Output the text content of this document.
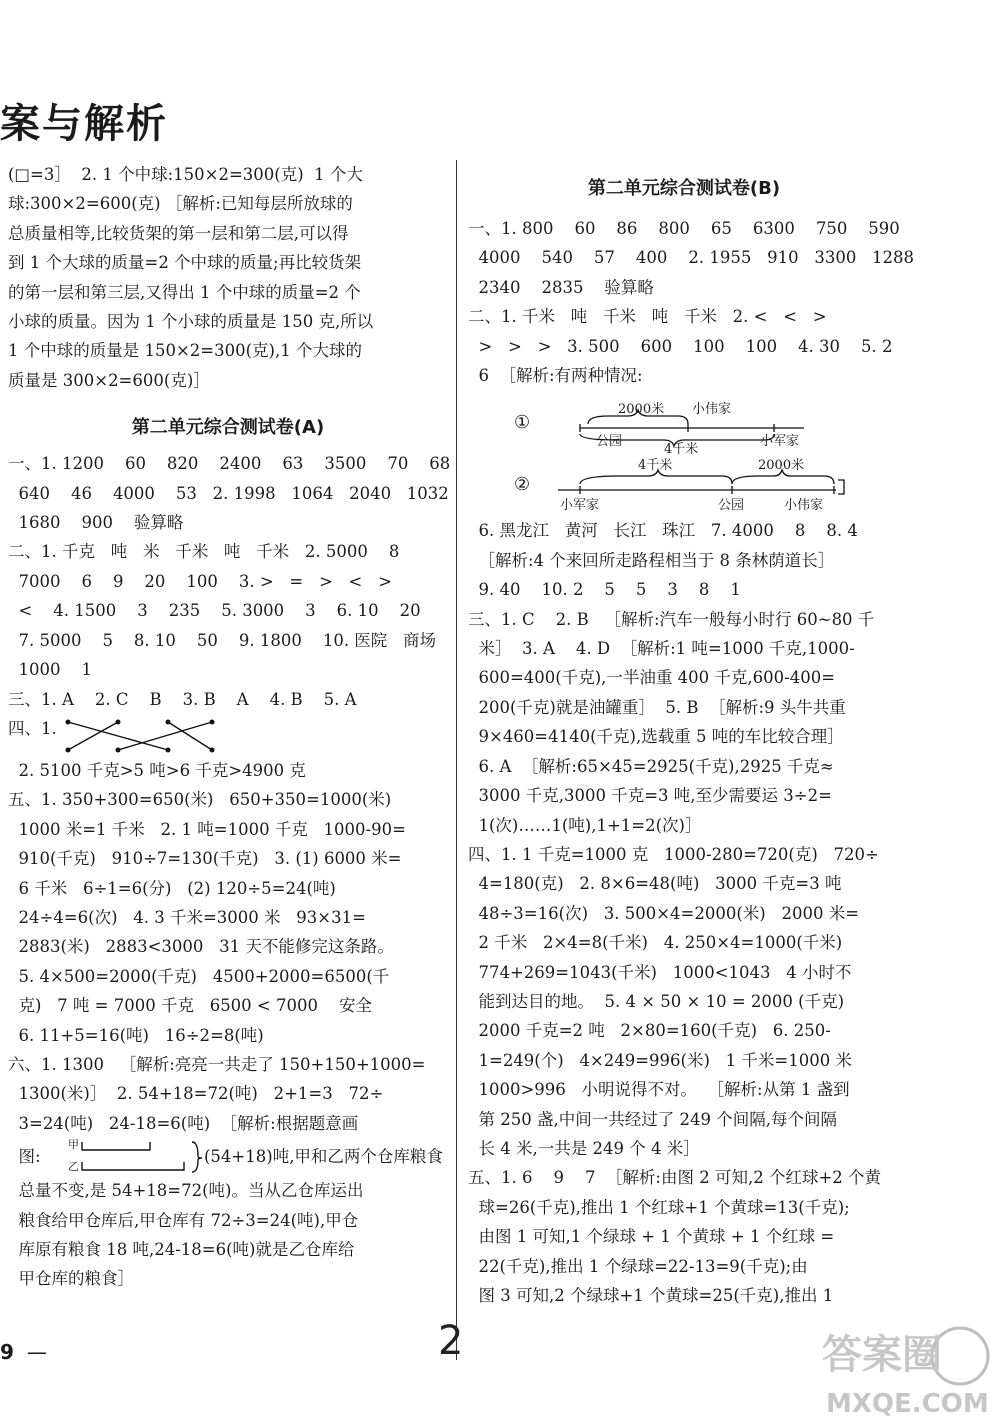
案与解析

(□=3］  2. 1 个中球:150×2=300(克)  1 个大

球:300×2=600(克) ［解析:已知每层所放球的

总质量相等,比较货架的第一层和第二层,可以得

到 1 个大球的质量=2 个中球的质量;再比较货架

的第一层和第三层,又得出 1 个中球的质量=2 个

小球的质量。因为 1 个小球的质量是 150 克,所以

1 个中球的质量是 150×2=300(克),1 个大球的

质量是 300×2=600(克)］

第二单元综合测试卷(A)

一、1. 1200    60    820    2400    63    3500    70    68

640    46    4000    53   2. 1998   1064   2040   1032

1680    900    验算略

二、1. 千克   吨   米   千米   吨   千米   2. 5000    8

7000    6    9    20    100    3. >   =   >   <   >

<    4. 1500    3    235    5. 3000    3    6. 10    20

7. 5000    5    8. 10    50    9. 1800    10. 医院   商场

1000    1

三、1. A    2. C    B    3. B    A    4. B    5. A

四、1.

2. 5100 千克>5 吨>6 千克>4900 克

五、1. 350+300=650(米)   650+350=1000(米)

1000 米=1 千米   2. 1 吨=1000 千克   1000-90=

910(千克)   910÷7=130(千克)   3. (1) 6000 米=

6 千米   6÷1=6(分)   (2) 120÷5=24(吨)

24÷4=6(次)   4. 3 千米=3000 米   93×31=

2883(米)   2883<3000   31 天不能修完这条路。

5. 4×500=2000(千克)   4500+2000=6500(千

克)   7 吨 = 7000 千克   6500 < 7000    安全

6. 11+5=16(吨)   16÷2=8(吨)

六、1. 1300   ［解析:亮亮一共走了 150+150+1000=

1300(米)］  2. 54+18=72(吨)   2+1=3   72÷

3=24(吨)   24-18=6(吨)  ［解析:根据题意画

图:
甲
乙
(54+18)吨,甲和乙两个仓库粮食

总量不变,是 54+18=72(吨)。当从乙仓库运出

粮食给甲仓库后,甲仓库有 72÷3=24(吨),甲仓

库原有粮食 18 吨,24-18=6(吨)就是乙仓库给

甲仓库的粮食］

第二单元综合测试卷(B)

一、1. 800    60    86    800    65    6300    750    590

4000    540    57    400    2. 1955   910   3300   1288

2340    2835    验算略

二、1. 千米   吨   千米   吨   千米   2. <   <   >

>   >   >   3. 500    600    100    100    4. 30    5. 2

6  ［解析:有两种情况:

①
②
2000米 小伟家
公园
4千米
小军家
4千米	2000米
小军家	公园	小伟家

6. 黑龙江   黄河   长江   珠江   7. 4000    8    8. 4

［解析:4 个来回所走路程相当于 8 条林荫道长］

9. 40    10. 2    5    5    3    8    1

三、1. C    2. B   ［解析:汽车一般每小时行 60~80 千

米］  3. A    4. D  ［解析:1 吨=1000 千克,1000-

600=400(千克),一半油重 400 千克,600-400=

200(千克)就是油罐重］  5. B  ［解析:9 头牛共重

9×460=4140(千克),选载重 5 吨的车比较合理］

6. A  ［解析:65×45=2925(千克),2925 千克≈

3000 千克,3000 千克=3 吨,至少需要运 3÷2=

1(次)……1(吨),1+1=2(次)］

四、1. 1 千克=1000 克   1000-280=720(克)   720÷

4=180(克)   2. 8×6=48(吨)   3000 千克=3 吨

48÷3=16(次)   3. 500×4=2000(米)   2000 米=

2 千米   2×4=8(千米)   4. 250×4=1000(千米)

774+269=1043(千米)   1000<1043   4 小时不

能到达目的地。  5. 4 × 50 × 10 = 2000 (千克)

2000 千克=2 吨   2×80=160(千克)   6. 250-

1=249(个)   4×249=996(米)   1 千米=1000 米

1000>996   小明说得不对。  ［解析:从第 1 盏到

第 250 盏,中间一共经过了 249 个间隔,每个间隔

长 4 米,一共是 249 个 4 米］

五、1. 6    9    7  ［解析:由图 2 可知,2 个红球+2 个黄

球=26(千克),推出 1 个红球+1 个黄球=13(千克);

由图 1 可知,1 个绿球 + 1 个黄球 + 1 个红球 =

22(千克),推出 1 个绿球=22-13=9(千克);由

图 3 可知,2 个绿球+1 个黄球=25(千克),推出 1

9 —	2	答案圈
MXQE.COM
